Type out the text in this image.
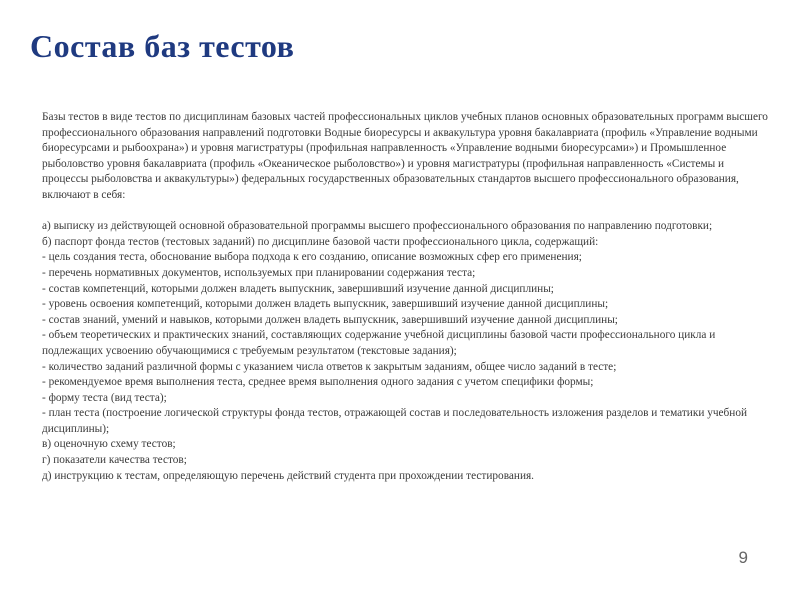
Состав баз тестов

Базы тестов в виде тестов по дисциплинам базовых частей профессиональных циклов учебных планов основных образовательных программ высшего профессионального образования направлений подготовки Водные биоресурсы и аквакультура уровня бакалавриата (профиль «Управление водными биоресурсами и рыбоохрана») и уровня магистратуры (профильная направленность «Управление водными биоресурсами») и Промышленное рыболовство уровня бакалавриата (профиль «Океаническое рыболовство») и уровня магистратуры (профильная направленность «Системы и процессы рыболовства и аквакультуры») федеральных государственных образовательных стандартов высшего профессионального образования, включают в себя:

а) выписку из действующей основной образовательной программы высшего профессионального образования по направлению подготовки;

б) паспорт фонда тестов (тестовых заданий) по дисциплине базовой части профессионального цикла, содержащий:

- цель создания теста, обоснование выбора подхода к его созданию, описание возможных сфер его применения;

- перечень нормативных документов, используемых при планировании содержания теста;

- состав компетенций, которыми должен владеть выпускник, завершивший изучение данной дисциплины;

- уровень освоения компетенций, которыми должен владеть выпускник, завершивший изучение данной дисциплины;

- состав знаний, умений и навыков, которыми должен владеть выпускник, завершивший изучение данной дисциплины;

- объем теоретических и практических знаний, составляющих содержание учебной дисциплины базовой части профессионального цикла и подлежащих усвоению обучающимися с требуемым результатом (текстовые задания);

- количество заданий различной формы с указанием числа ответов к закрытым заданиям, общее число заданий в тесте;

- рекомендуемое время выполнения теста, среднее время выполнения одного задания с учетом специфики формы;

- форму теста (вид теста);

- план теста (построение логической структуры фонда тестов, отражающей состав и последовательность изложения разделов и тематики учебной дисциплины);

в) оценочную схему тестов;

г) показатели качества тестов;

д) инструкцию к тестам, определяющую перечень действий студента при прохождении тестирования.

9
